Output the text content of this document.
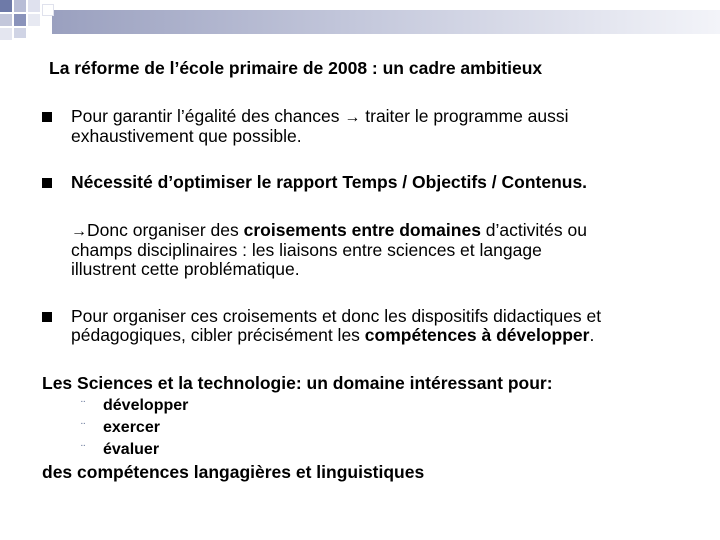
La réforme de l’école primaire de 2008 : un cadre ambitieux
Pour garantir l’égalité des chances → traiter le programme aussi
exhaustivement que possible.
Nécessité d’optimiser le rapport Temps / Objectifs / Contenus.
→Donc organiser des croisements entre domaines d’activités ou
champs disciplinaires : les liaisons entre sciences et langage
illustrent cette problématique.
Pour organiser ces croisements et donc les dispositifs didactiques et
pédagogiques, cibler précisément les compétences à développer.
Les Sciences et la technologie: un domaine intéressant pour:
¨ développer
¨ exercer
¨ évaluer
des compétences langagières et linguistiques
